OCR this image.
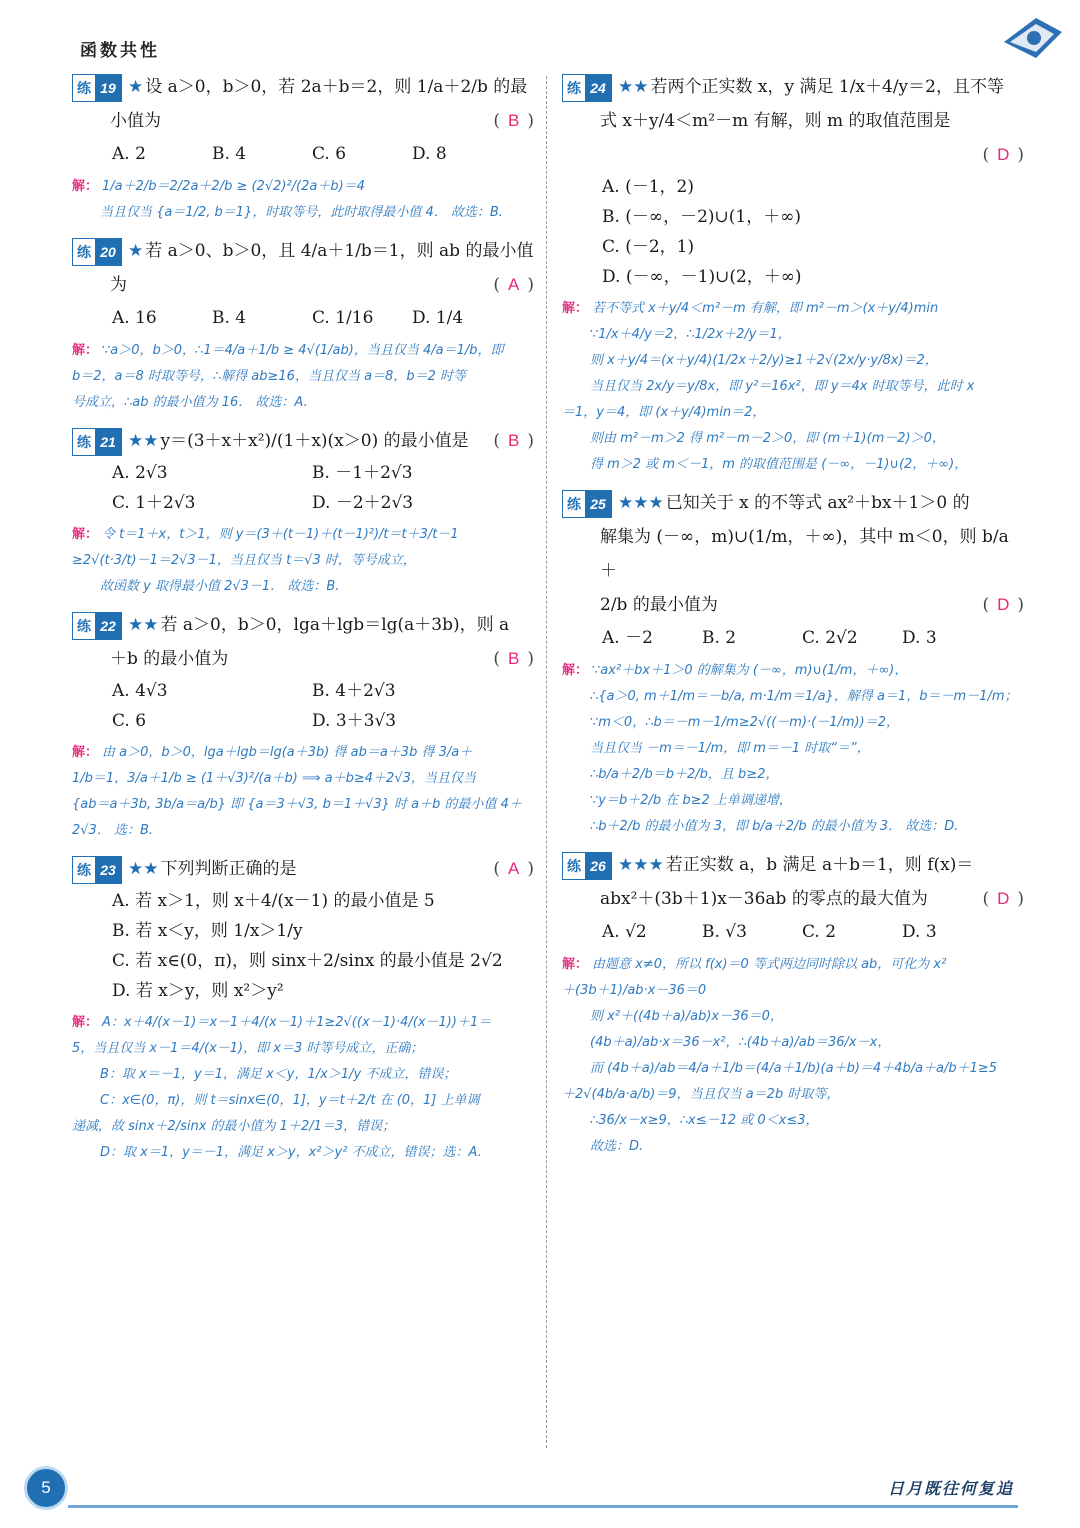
函数共性
练 19 ★ 设 a＞0，b＞0，若 2a＋b＝2，则 1/a＋2/b 的最
小值为	( B )
A. 2	B. 4	C. 6	D. 8
解： 1/a＋2/b＝2/2a＋2/b ≥ (2√2)²/(2a＋b)＝4
当且仅当 {a＝1/2, b＝1}，时取等号，此时取得最小值 4． 故选：B.
练 20 ★ 若 a＞0、b＞0，且 4/a＋1/b＝1，则 ab 的最小值
为	( A )
A. 16	B. 4	C. 1/16	D. 1/4
解： ∵a＞0，b＞0，∴1＝4/a＋1/b ≥ 4√(1/ab)，当且仅当 4/a＝1/b，即
b＝2，a＝8 时取等号，∴解得 ab≥16，当且仅当 a＝8，b＝2 时等
号成立，∴ab 的最小值为 16． 故选：A.
练 21 ★★ y＝(3＋x＋x²)/(1＋x)(x＞0) 的最小值是	( B )
A. 2√3	B. －1＋2√3
C. 1＋2√3	D. －2＋2√3
解： 令 t＝1＋x，t＞1，则 y＝(3＋(t－1)＋(t－1)²)/t＝t＋3/t－1
≥2√(t·3/t)－1＝2√3－1，当且仅当 t＝√3 时，等号成立，
故函数 y 取得最小值 2√3－1． 故选：B.
练 22 ★★ 若 a＞0，b＞0，lga＋lgb＝lg(a＋3b)，则 a
＋b 的最小值为	( B )
A. 4√3	B. 4＋2√3
C. 6	D. 3＋3√3
解： 由 a＞0，b＞0，lga＋lgb＝lg(a＋3b) 得 ab＝a＋3b 得 3/a＋
1/b＝1，3/a＋1/b ≥ (1＋√3)²/(a＋b) ⟹ a＋b≥4＋2√3，当且仅当
{ab＝a＋3b, 3b/a＝a/b} 即 {a＝3＋√3, b＝1＋√3} 时 a＋b 的最小值 4＋2√3． 选：B.
练 23 ★★ 下列判断正确的是	( A )
A. 若 x＞1，则 x＋4/(x－1) 的最小值是 5
B. 若 x＜y，则 1/x＞1/y
C. 若 x∈(0，π)，则 sinx＋2/sinx 的最小值是 2√2
D. 若 x＞y，则 x²＞y²
解： A：x＋4/(x－1)＝x－1＋4/(x－1)＋1≥2√((x－1)·4/(x－1))＋1＝
5，当且仅当 x－1＝4/(x－1)，即 x＝3 时等号成立，正确；
B：取 x＝－1，y＝1，满足 x＜y，1/x＞1/y 不成立，错误；
C：x∈(0，π)，则 t＝sinx∈(0，1]，y＝t＋2/t 在 (0，1] 上单调
递减，故 sinx＋2/sinx 的最小值为 1＋2/1＝3，错误；
D：取 x＝1，y＝－1，满足 x＞y，x²＞y² 不成立，错误；选：A.
练 24 ★★ 若两个正实数 x，y 满足 1/x＋4/y＝2，且不等
式 x＋y/4＜m²－m 有解，则 m 的取值范围是
( D )
A. (－1，2)
B. (－∞，－2)∪(1，＋∞)
C. (－2，1)
D. (－∞，－1)∪(2，＋∞)
解： 若不等式 x＋y/4＜m²－m 有解，即 m²－m＞(x＋y/4)min
∵1/x＋4/y＝2，∴1/2x＋2/y＝1，
则 x＋y/4＝(x＋y/4)(1/2x＋2/y)≥1＋2√(2x/y·y/8x)＝2，
当且仅当 2x/y＝y/8x，即 y²＝16x²，即 y＝4x 时取等号，此时 x
＝1，y＝4，即 (x＋y/4)min＝2，
则由 m²－m＞2 得 m²－m－2＞0，即 (m＋1)(m－2)＞0，
得 m＞2 或 m＜－1，m 的取值范围是 (－∞，－1)∪(2，＋∞)，
练 25 ★★★ 已知关于 x 的不等式 ax²＋bx＋1＞0 的
解集为 (－∞，m)∪(1/m，＋∞)，其中 m＜0，则 b/a＋
2/b 的最小值为	( D )
A. －2	B. 2	C. 2√2	D. 3
解： ∵ax²＋bx＋1＞0 的解集为 (－∞，m)∪(1/m，＋∞)，
∴{a＞0, m＋1/m＝－b/a, m·1/m＝1/a}，解得 a＝1，b＝－m－1/m；
∵m＜0，∴b＝－m－1/m≥2√((－m)·(－1/m))＝2，
当且仅当 －m＝－1/m，即 m＝－1 时取“＝”，
∴b/a＋2/b＝b＋2/b，且 b≥2，
∵y＝b＋2/b 在 b≥2 上单调递增，
∴b＋2/b 的最小值为 3，即 b/a＋2/b 的最小值为 3． 故选：D.
练 26 ★★★ 若正实数 a，b 满足 a＋b＝1，则 f(x)＝
abx²＋(3b＋1)x－36ab 的零点的最大值为	( D )
A. √2	B. √3	C. 2	D. 3
解： 由题意 x≠0，所以 f(x)＝0 等式两边同时除以 ab，可化为 x²
＋(3b＋1)/ab·x－36＝0
则 x²＋((4b＋a)/ab)x－36＝0，
(4b＋a)/ab·x＝36－x²，∴(4b＋a)/ab＝36/x－x，
而 (4b＋a)/ab＝4/a＋1/b＝(4/a＋1/b)(a＋b)＝4＋4b/a＋a/b＋1≥5
＋2√(4b/a·a/b)＝9，当且仅当 a＝2b 时取等，
∴36/x－x≥9，∴x≤－12 或 0＜x≤3，
故选：D.
5	日月既往何复追
